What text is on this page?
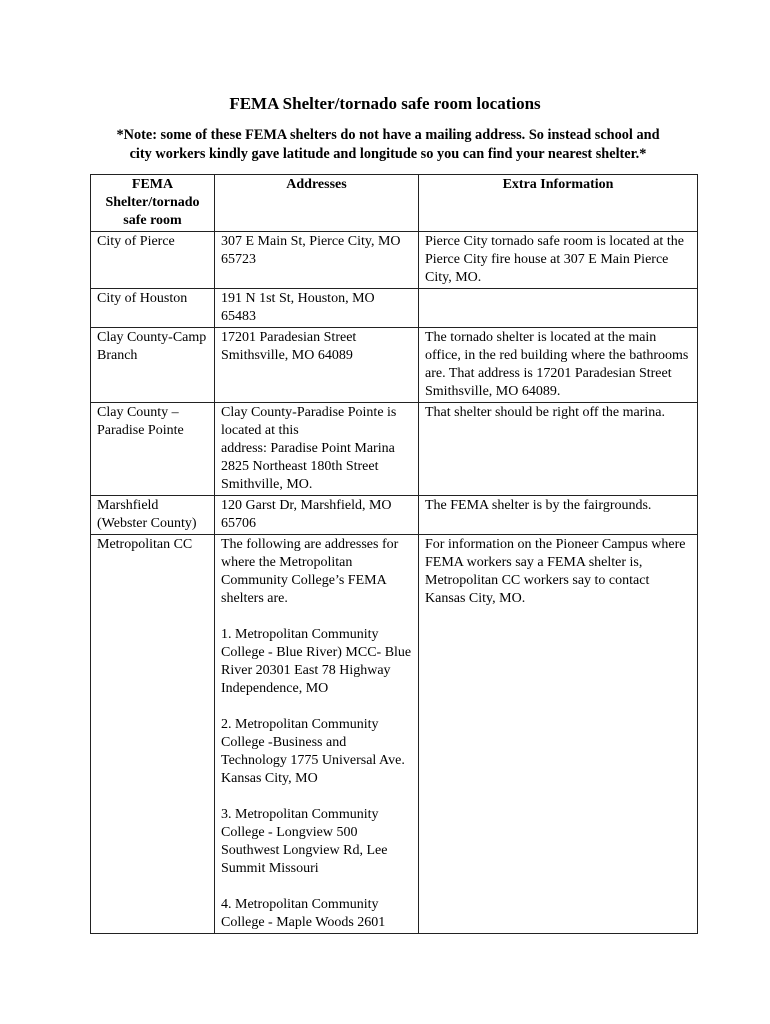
FEMA Shelter/tornado safe room locations
*Note: some of these FEMA shelters do not have a mailing address. So instead school and
city workers kindly gave latitude and longitude so you can find your nearest shelter.*
FEMA
Shelter/tornado
safe room	Addresses	Extra Information
City of Pierce	307 E Main St, Pierce City, MO 65723	Pierce City tornado safe room is located at the Pierce City fire house at 307 E Main Pierce City, MO.
City of Houston	191 N 1st St, Houston, MO 65483	
Clay County-Camp Branch	17201 Paradesian Street Smithsville, MO 64089	The tornado shelter is located at the main office, in the red building where the bathrooms are. That address is 17201 Paradesian Street Smithsville, MO 64089.
Clay County – Paradise Pointe	Clay County-Paradise Pointe is located at this
address: Paradise Point Marina 2825 Northeast 180th Street Smithville, MO.	That shelter should be right off the marina.
Marshfield (Webster County)	120 Garst Dr, Marshfield, MO 65706	The FEMA shelter is by the fairgrounds.
Metropolitan CC	The following are addresses for where the Metropolitan Community College’s FEMA shelters are.
1. Metropolitan Community College - Blue River) MCC- Blue River 20301 East 78 Highway Independence, MO
2. Metropolitan Community College -Business and Technology 1775 Universal Ave. Kansas City, MO
3. Metropolitan Community College - Longview 500 Southwest Longview Rd, Lee Summit Missouri
4. Metropolitan Community College - Maple Woods 2601	For information on the Pioneer Campus where FEMA workers say a FEMA shelter is, Metropolitan CC workers say to contact Kansas City, MO.
